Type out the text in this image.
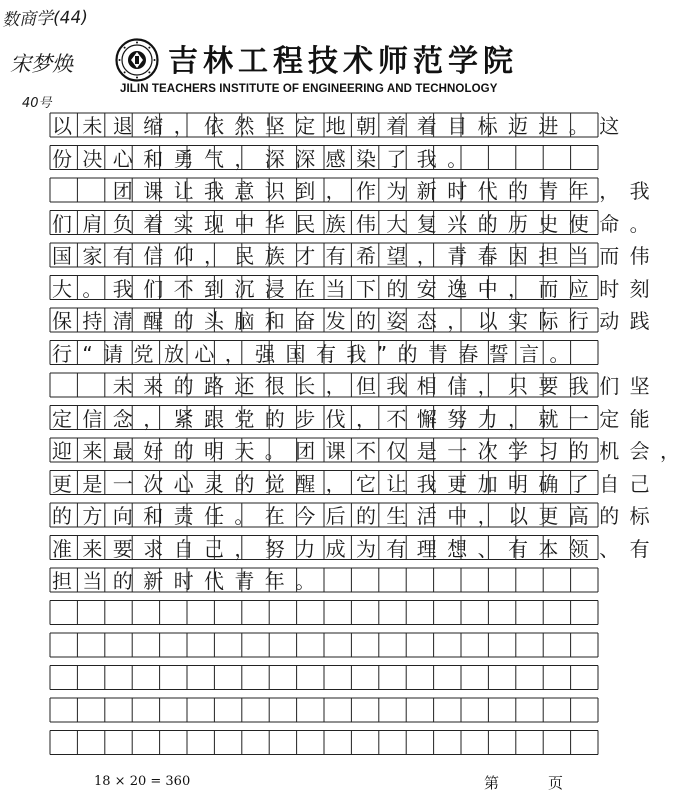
数商学(44)
宋梦焕
40号
吉林工程技术师范学院
JILIN TEACHERS INSTITUTE OF ENGINEERING AND TECHNOLOGY
以未退缩，依然坚定地朝着着目标迈进。这
份决心和勇气，深深感染了我。
　　团课让我意识到，作为新时代的青年，我
们肩负着实现中华民族伟大复兴的历史使命。
国家有信仰，民族才有希望，青春因担当而伟
大。我们不到沉浸在当下的安逸中，而应时刻
保持清醒的头脑和奋发的姿态，以实际行动践
行“请党放心，强国有我”的青春誓言。
　　未来的路还很长，但我相信，只要我们坚
定信念，紧跟党的步伐，不懈努力，就一定能
迎来最好的明天。团课不仅是一次学习的机会，
更是一次心灵的觉醒，它让我更加明确了自己
的方向和责任。在今后的生活中，以更高的标
准来要求自己，努力成为有理想、有本领、有
担当的新时代青年。
18 × 20 = 360	第	页
